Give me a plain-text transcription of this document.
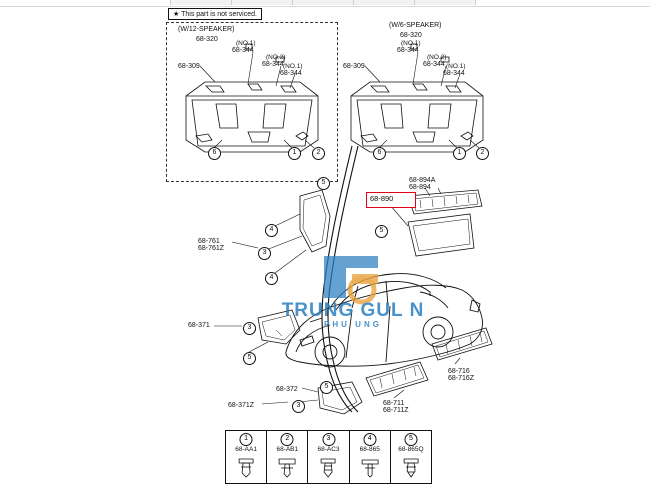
★ This part is not serviced.
(W/12-SPEAKER)
68-320
(W/6-SPEAKER)
68-320
68-309
(NO.1)
68-344
(NO.2)
68-344 (NO.1)
68-344
68-309
(NO.1)
68-344
(NO.2)
68-344 (NO.1)
68-344
68-894A
68-894
68-761
68-761Z
68-371
68-372
68-371Z	68-711
68-711Z
68-716
68-716Z
68-890
6	1	2	6	1	2
5
5
4
3
4
3
5
5
3
TRUNG GUL N
PHU UNG
1
68-AA1
2
68-AB1
3
68-AC3
4
68-865
5
68-865Q
